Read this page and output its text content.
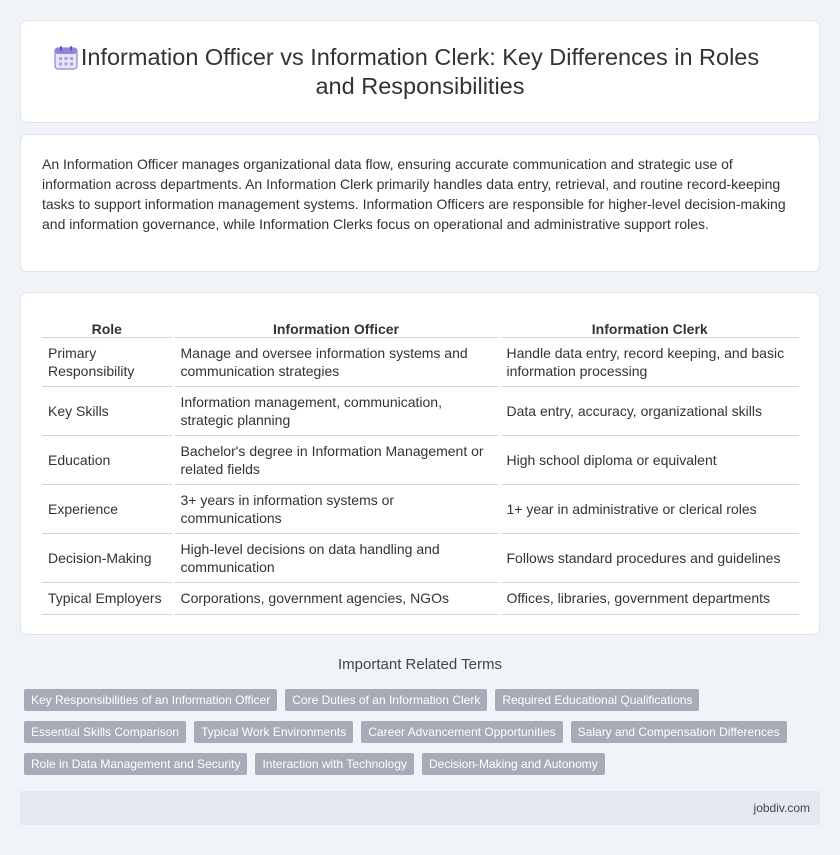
Information Officer vs Information Clerk: Key Differences in Roles
and Responsibilities

An Information Officer manages organizational data flow, ensuring accurate communication and strategic use of information across departments. An Information Clerk primarily handles data entry, retrieval, and routine record-keeping tasks to support information management systems. Information Officers are responsible for higher-level decision-making and information governance, while Information Clerks focus on operational and administrative support roles.

Role	Information Officer	Information Clerk
Primary Responsibility	Manage and oversee information systems and communication strategies	Handle data entry, record keeping, and basic information processing
Key Skills	Information management, communication, strategic planning	Data entry, accuracy, organizational skills
Education	Bachelor's degree in Information Management or related fields	High school diploma or equivalent
Experience	3+ years in information systems or communications	1+ year in administrative or clerical roles
Decision-Making	High-level decisions on data handling and communication	Follows standard procedures and guidelines
Typical Employers	Corporations, government agencies, NGOs	Offices, libraries, government departments
Important Related Terms
Key Responsibilities of an Information Officer	Core Duties of an Information Clerk	Required Educational Qualifications
Essential Skills Comparison	Typical Work Environments	Career Advancement Opportunities	Salary and Compensation Differences
Role in Data Management and Security	Interaction with Technology	Decision-Making and Autonomy
jobdiv.com
